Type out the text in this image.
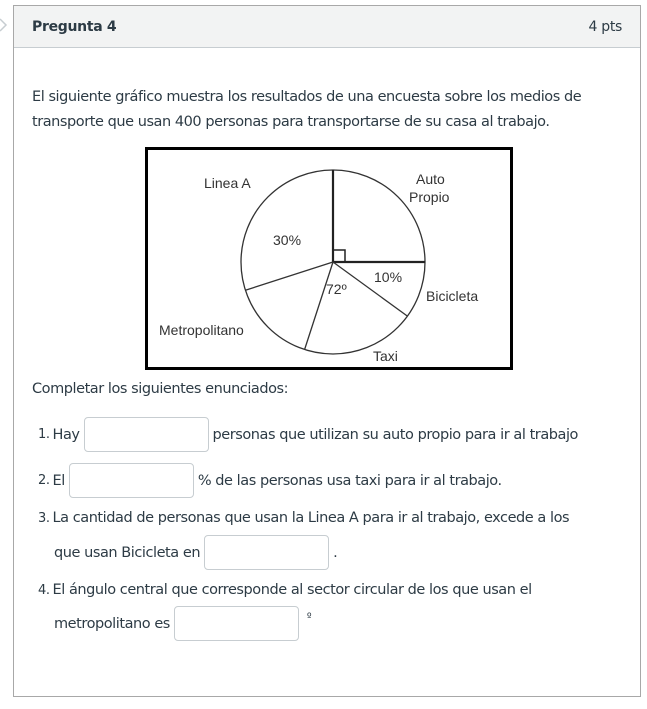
Pregunta 4	4 pts
El siguiente gráfico muestra los resultados de una encuesta sobre los medios de transporte que usan 400 personas para transportarse de su casa al trabajo.
Linea A	Auto
Propio
Bicicleta
Taxi
Metropolitano
30%
10%
72º
Completar los siguientes enunciados:
1. Hay	personas que utilizan su auto propio para ir al trabajo
2. El	% de las personas usa taxi para ir al trabajo.
3. La cantidad de personas que usan la Linea A para ir al trabajo, excede a los
que usan Bicicleta en	.
4. El ángulo central que corresponde al sector circular de los que usan el
metropolitano es	º
